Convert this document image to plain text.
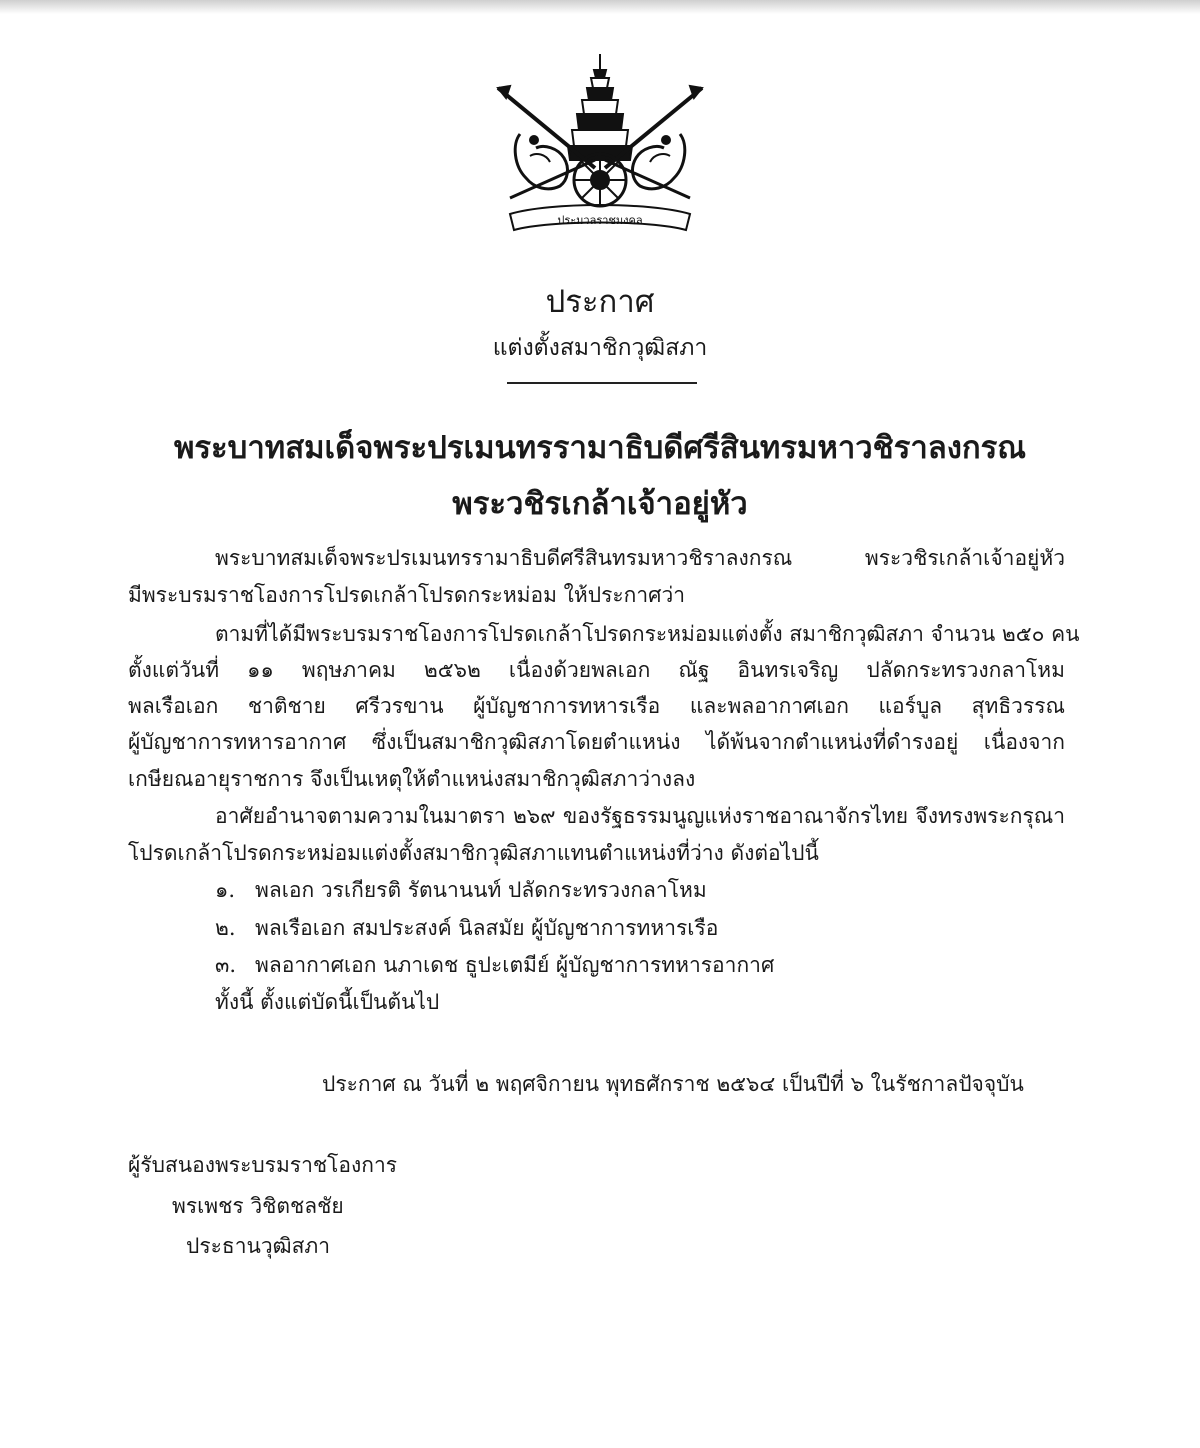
ประมวลราชมงคล
ประกาศ
แต่งตั้งสมาชิกวุฒิสภา
พระบาทสมเด็จพระปรเมนทรรามาธิบดีศรีสินทรมหาวชิราลงกรณ
พระวชิรเกล้าเจ้าอยู่หัว
พระบาทสมเด็จพระปรเมนทรรามาธิบดีศรีสินทรมหาวชิราลงกรณ พระวชิรเกล้าเจ้าอยู่หัว
มีพระบรมราชโองการโปรดเกล้าโปรดกระหม่อม ให้ประกาศว่า
ตามที่ได้มีพระบรมราชโองการโปรดเกล้าโปรดกระหม่อมแต่งตั้ง สมาชิกวุฒิสภา จำนวน ๒๕๐ คน
ตั้งแต่วันที่ ๑๑ พฤษภาคม ๒๕๖๒ เนื่องด้วยพลเอก ณัฐ อินทรเจริญ ปลัดกระทรวงกลาโหม
พลเรือเอก ชาติชาย ศรีวรขาน ผู้บัญชาการทหารเรือ และพลอากาศเอก แอร์บูล สุทธิวรรณ
ผู้บัญชาการทหารอากาศ ซึ่งเป็นสมาชิกวุฒิสภาโดยตำแหน่ง ได้พ้นจากตำแหน่งที่ดำรงอยู่ เนื่องจาก
เกษียณอายุราชการ จึงเป็นเหตุให้ตำแหน่งสมาชิกวุฒิสภาว่างลง
อาศัยอำนาจตามความในมาตรา ๒๖๙ ของรัฐธรรมนูญแห่งราชอาณาจักรไทย จึงทรงพระกรุณา
โปรดเกล้าโปรดกระหม่อมแต่งตั้งสมาชิกวุฒิสภาแทนตำแหน่งที่ว่าง ดังต่อไปนี้
๑. พลเอก วรเกียรติ รัตนานนท์ ปลัดกระทรวงกลาโหม
๒. พลเรือเอก สมประสงค์ นิลสมัย ผู้บัญชาการทหารเรือ
๓. พลอากาศเอก นภาเดช ธูปะเตมีย์ ผู้บัญชาการทหารอากาศ
ทั้งนี้ ตั้งแต่บัดนี้เป็นต้นไป
ประกาศ ณ วันที่ ๒ พฤศจิกายน พุทธศักราช ๒๕๖๔ เป็นปีที่ ๖ ในรัชกาลปัจจุบัน
ผู้รับสนองพระบรมราชโองการ
พรเพชร วิชิตชลชัย
ประธานวุฒิสภา
